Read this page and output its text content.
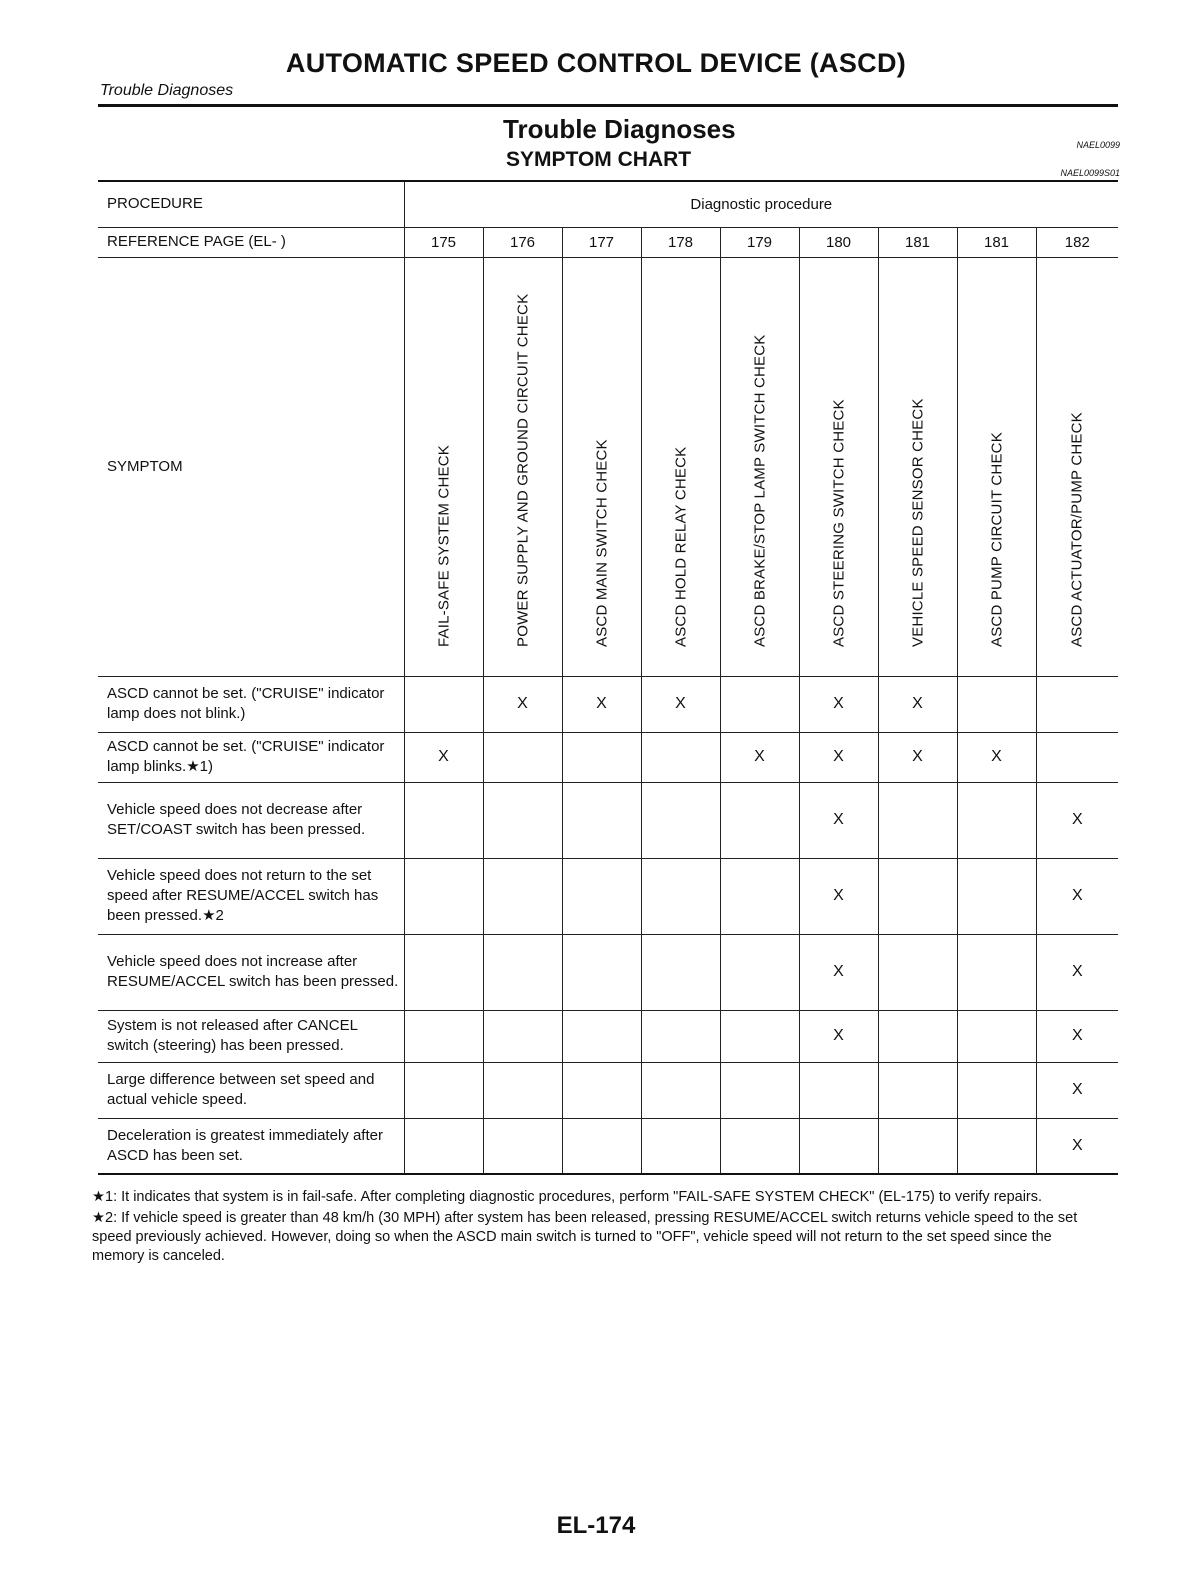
AUTOMATIC SPEED CONTROL DEVICE (ASCD)
Trouble Diagnoses
Trouble Diagnoses
SYMPTOM CHART
NAEL0099
NAEL0099S01
PROCEDURE	Diagnostic procedure								
REFERENCE PAGE (EL- )	175	176	177	178	179	180	181	181	182
SYMPTOM	FAIL-SAFE SYSTEM CHECK	POWER SUPPLY AND GROUND CIRCUIT CHECK	ASCD MAIN SWITCH CHECK	ASCD HOLD RELAY CHECK	ASCD BRAKE/STOP LAMP SWITCH CHECK	ASCD STEERING SWITCH CHECK	VEHICLE SPEED SENSOR CHECK	ASCD PUMP CIRCUIT CHECK	ASCD ACTUATOR/PUMP CHECK

ASCD cannot be set. ("CRUISE" indicator lamp does not blink.)		X	X	X		X	X		
ASCD cannot be set. ("CRUISE" indicator lamp blinks.★1)	X				X	X	X	X	
Vehicle speed does not decrease after SET/COAST switch has been pressed.						X			X
Vehicle speed does not return to the set speed after RESUME/ACCEL switch has been pressed.★2						X			X
Vehicle speed does not increase after RESUME/ACCEL switch has been pressed.						X			X
System is not released after CANCEL switch (steering) has been pressed.						X			X
Large difference between set speed and actual vehicle speed.									X
Deceleration is greatest immediately after ASCD has been set.									X

★1: It indicates that system is in fail-safe. After completing diagnostic procedures, perform "FAIL-SAFE SYSTEM CHECK" (EL-175) to verify repairs.

★2: If vehicle speed is greater than 48 km/h (30 MPH) after system has been released, pressing RESUME/ACCEL switch returns vehicle speed to the set speed previously achieved. However, doing so when the ASCD main switch is turned to "OFF", vehicle speed will not return to the set speed since the memory is canceled.

EL-174
